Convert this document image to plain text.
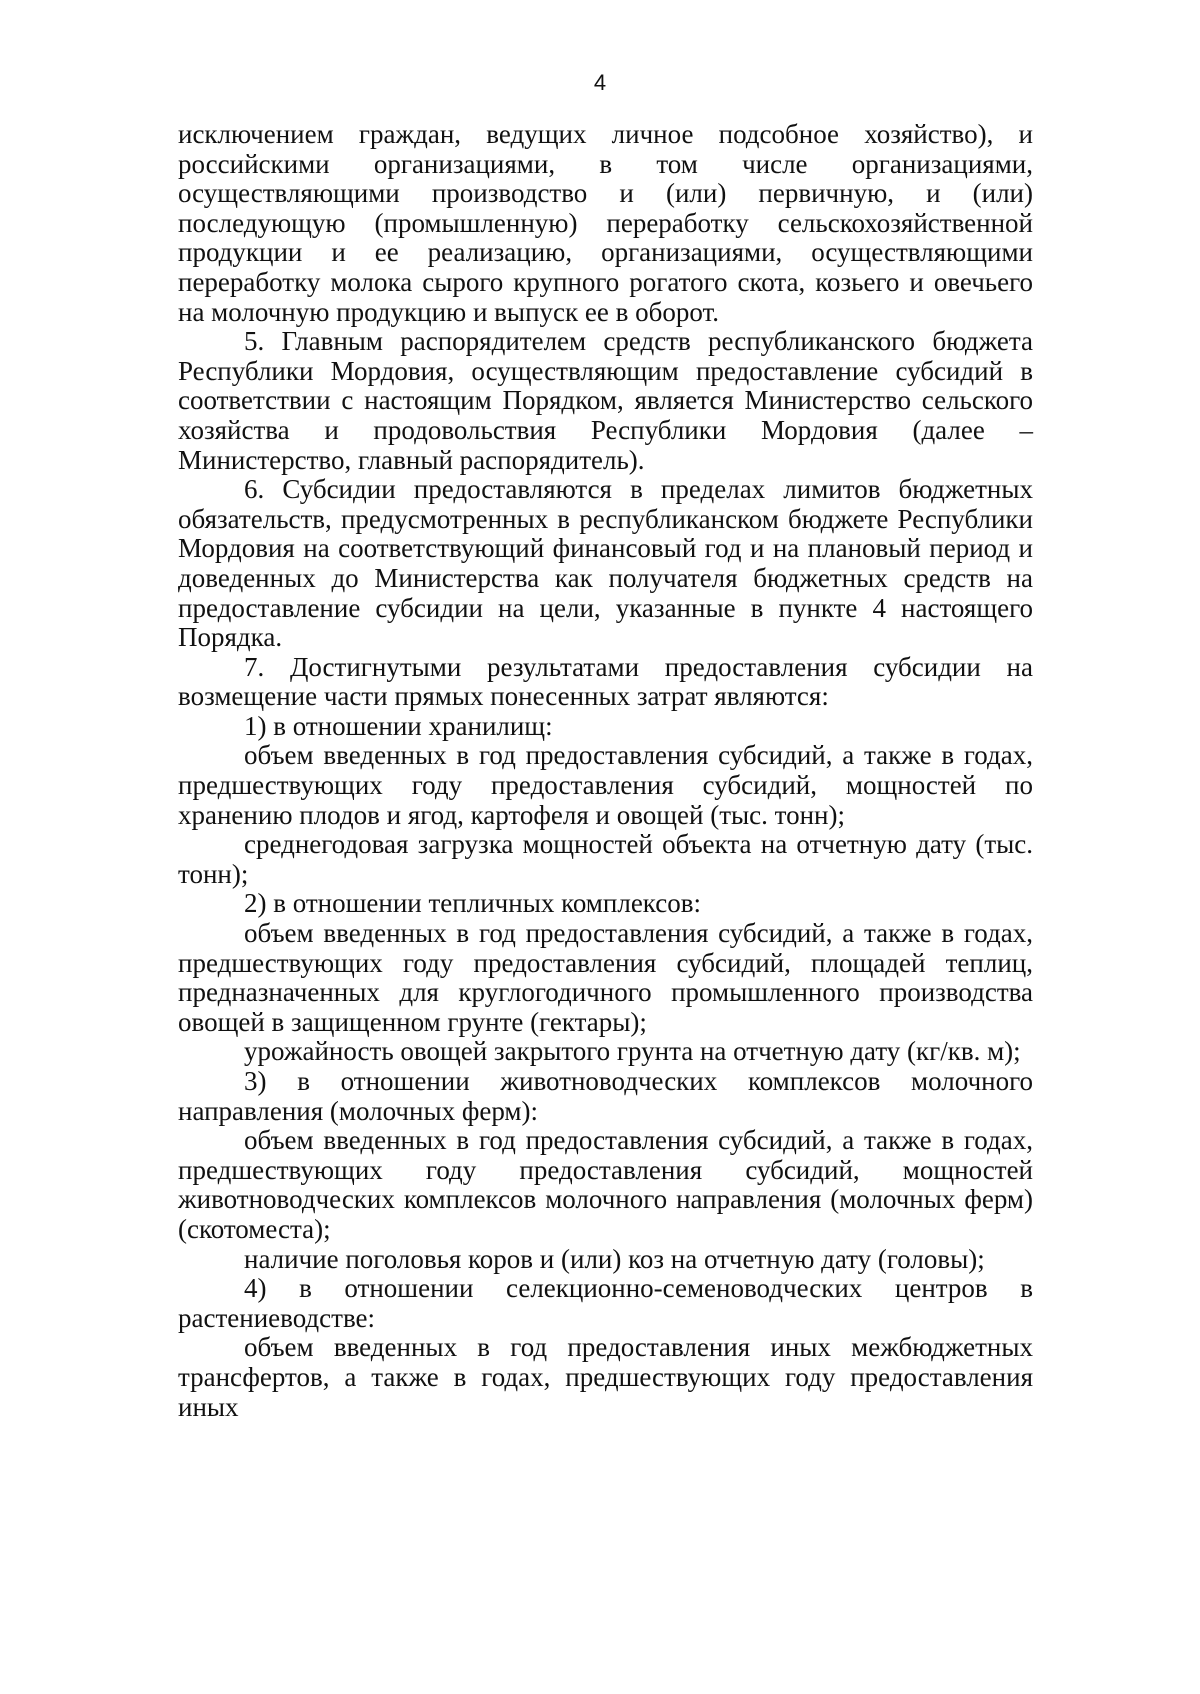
4

исключением граждан, ведущих личное подсобное хозяйство), и российскими организациями, в том числе организациями, осуществляющими производство и (или) первичную, и (или) последующую (промышленную) переработку сельскохозяйственной продукции и ее реализацию, организациями, осуществляющими переработку молока сырого крупного рогатого скота, козьего и овечьего на молочную продукцию и выпуск ее в оборот.

5. Главным распорядителем средств республиканского бюджета Республики Мордовия, осуществляющим предоставление субсидий в соответствии с настоящим Порядком, является Министерство сельского хозяйства и продовольствия Республики Мордовия (далее – Министерство, главный распорядитель).

6. Субсидии предоставляются в пределах лимитов бюджетных обязательств, предусмотренных в республиканском бюджете Республики Мордовия на соответствующий финансовый год и на плановый период и доведенных до Министерства как получателя бюджетных средств на предоставление субсидии на цели, указанные в пункте 4 настоящего Порядка.

7. Достигнутыми результатами предоставления субсидии на возмещение части прямых понесенных затрат являются:

1) в отношении хранилищ:

объем введенных в год предоставления субсидий, а также в годах, предшествующих году предоставления субсидий, мощностей по хранению плодов и ягод, картофеля и овощей (тыс. тонн);

среднегодовая загрузка мощностей объекта на отчетную дату (тыс. тонн);

2) в отношении тепличных комплексов:

объем введенных в год предоставления субсидий, а также в годах, предшествующих году предоставления субсидий, площадей теплиц, предназначенных для круглогодичного промышленного производства овощей в защищенном грунте (гектары);

урожайность овощей закрытого грунта на отчетную дату (кг/кв. м);

3) в отношении животноводческих комплексов молочного направления (молочных ферм):

объем введенных в год предоставления субсидий, а также в годах, предшествующих году предоставления субсидий, мощностей животноводческих комплексов молочного направления (молочных ферм) (скотоместа);

наличие поголовья коров и (или) коз на отчетную дату (головы);

4) в отношении селекционно-семеноводческих центров в растениеводстве:

объем введенных в год предоставления иных межбюджетных трансфертов, а также в годах, предшествующих году предоставления иных
